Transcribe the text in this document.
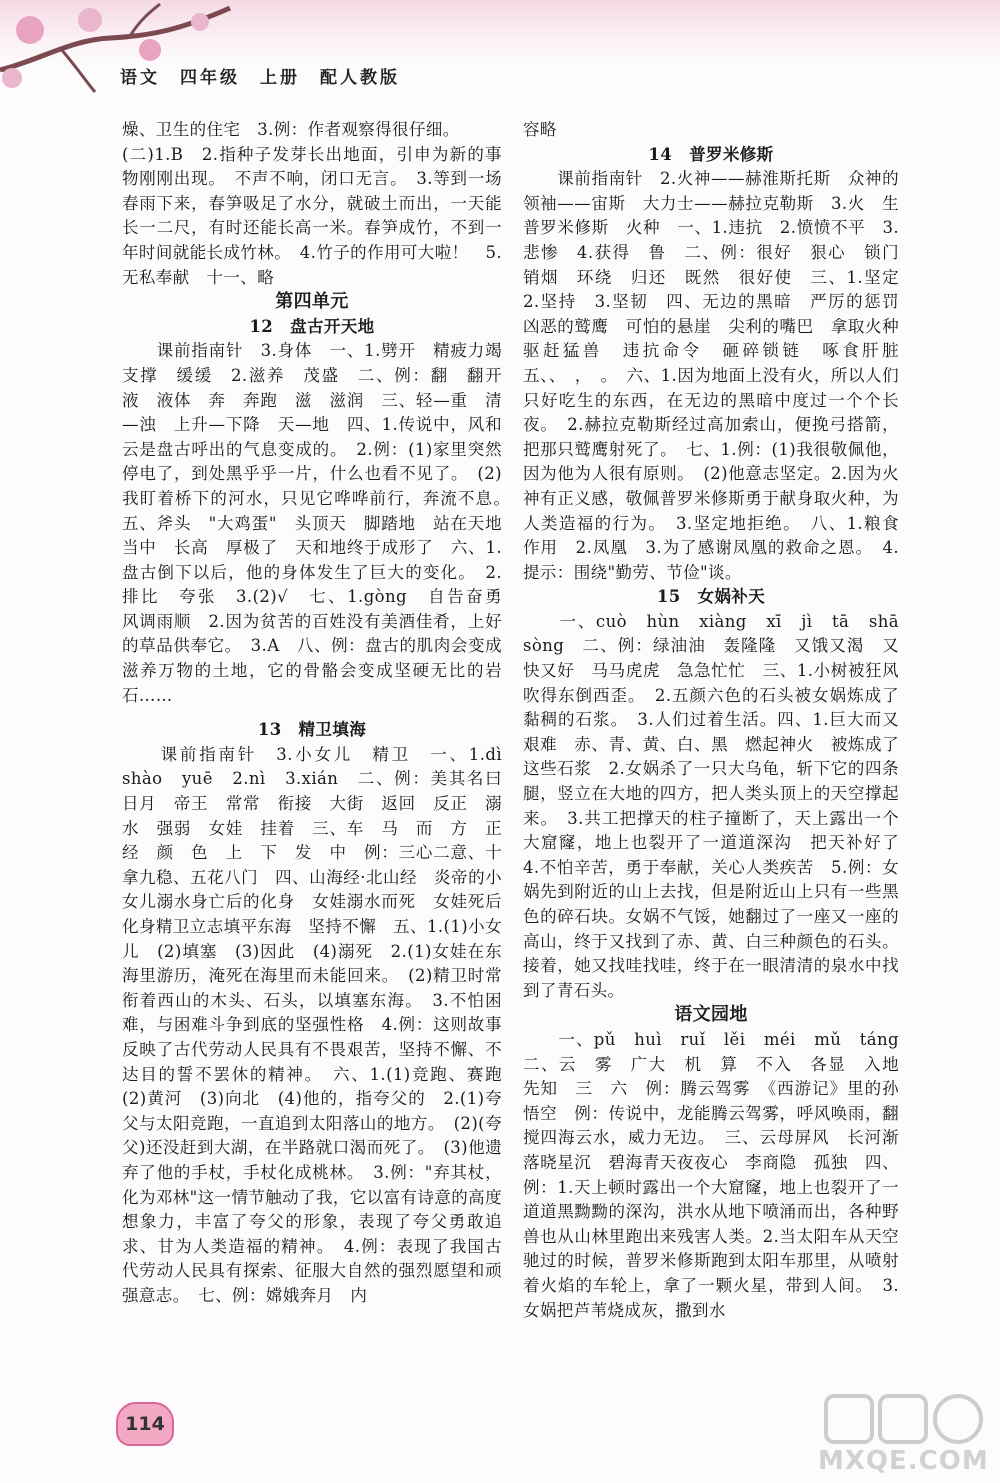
语文　四年级　上册　配人教版

燥、卫生的住宅　3.例：作者观察得很仔细。

(二)1.B　2.指种子发芽长出地面，引申为新的事物刚刚出现。　不声不响，闭口无言。　3.等到一场春雨下来，春笋吸足了水分，就破土而出，一天能长一二尺，有时还能长高一米。春笋成竹，不到一年时间就能长成竹林。　4.竹子的作用可大啦！　5.无私奉献　十一、略

第四单元

12　盘古开天地

　　课前指南针　3.身体　一、1.劈开　精疲力竭　支撑　缓缓　2.滋养　茂盛　二、例：翻　翻开　液　液体　奔　奔跑　滋　滋润　三、轻—重　清—浊　上升—下降　天—地　四、1.传说中，风和云是盘古呼出的气息变成的。　2.例：(1)家里突然停电了，到处黑乎乎一片，什么也看不见了。　(2)我盯着桥下的河水，只见它哗哗前行，奔流不息。　五、斧头　"大鸡蛋"　头顶天　脚踏地　站在天地当中　长高　厚极了　天和地终于成形了　六、1.盘古倒下以后，他的身体发生了巨大的变化。　2.排比　夸张　3.(2)√　七、1.gòng　自告奋勇　风调雨顺　2.因为贫苦的百姓没有美酒佳肴，上好的草品供奉它。　3.A　八、例：盘古的肌肉会变成滋养万物的土地，它的骨骼会变成坚硬无比的岩石……

13　精卫填海

　　课前指南针　3.小女儿　精卫　一、1.dì　shào　yuē　2.nì　3.xián　二、例：美其名曰　日月　帝王　常常　衔接　大街　返回　反正　溺水　强弱　女娃　挂着　三、车　马　而　方　正经　颜　色　上　下　发　中　例：三心二意、十拿九稳、五花八门　四、山海经·北山经　炎帝的小女儿溺水身亡后的化身　女娃溺水而死　女娃死后化身精卫立志填平东海　坚持不懈　五、1.(1)小女儿　(2)填塞　(3)因此　(4)溺死　2.(1)女娃在东海里游历，淹死在海里而未能回来。　(2)精卫时常衔着西山的木头、石头，以填塞东海。　3.不怕困难，与困难斗争到底的坚强性格　4.例：这则故事反映了古代劳动人民具有不畏艰苦，坚持不懈、不达目的誓不罢休的精神。　六、1.(1)竞跑、赛跑　(2)黄河　(3)向北　(4)他的，指夸父的　2.(1)夸父与太阳竞跑，一直追到太阳落山的地方。　(2)(夸父)还没赶到大湖，在半路就口渴而死了。　(3)他遗弃了他的手杖，手杖化成桃林。　3.例："弃其杖，化为邓林"这一情节触动了我，它以富有诗意的高度想象力，丰富了夸父的形象，表现了夸父勇敢追求、甘为人类造福的精神。　4.例：表现了我国古代劳动人民具有探索、征服大自然的强烈愿望和顽强意志。　七、例：嫦娥奔月　内

容略

14　普罗米修斯

　　课前指南针　2.火神——赫淮斯托斯　众神的领袖——宙斯　大力士——赫拉克勒斯　3.火　生　普罗米修斯　火种　一、1.违抗　2.愤愤不平　3.悲惨　4.获得　鲁　二、例：很好　狠心　锁门　销烟　环绕　归还　既然　很好使　三、1.坚定　2.坚持　3.坚韧　四、无边的黑暗　严厉的惩罚　凶恶的鹫鹰　可怕的悬崖　尖利的嘴巴　拿取火种　驱赶猛兽　违抗命令　砸碎锁链　啄食肝脏　五、、　，　。　六、1.因为地面上没有火，所以人们只好吃生的东西，在无边的黑暗中度过一个个长夜。　2.赫拉克勒斯经过高加索山，便挽弓搭箭，把那只鹫鹰射死了。　七、1.例：(1)我很敬佩他，因为他为人很有原则。　(2)他意志坚定。2.因为火神有正义感，敬佩普罗米修斯勇于献身取火种，为人类造福的行为。　3.坚定地拒绝。　八、1.粮食　作用　2.凤凰　3.为了感谢凤凰的救命之恩。　4.提示：围绕"勤劳、节俭"谈。

15　女娲补天

　　一、cuò　hùn　xiàng　xī　jì　tā　shā　sòng　二、例：绿油油　轰隆隆　又饿又渴　又快又好　马马虎虎　急急忙忙　三、1.小树被狂风吹得东倒西歪。　2.五颜六色的石头被女娲炼成了黏稠的石浆。　3.人们过着生活。四、1.巨大而又艰难　赤、青、黄、白、黑　燃起神火　被炼成了　这些石浆　2.女娲杀了一只大乌龟，斩下它的四条腿，竖立在大地的四方，把人类头顶上的天空撑起来。　3.共工把撑天的柱子撞断了，天上露出一个大窟窿，地上也裂开了一道道深沟　把天补好了　4.不怕辛苦，勇于奉献，关心人类疾苦　5.例：女娲先到附近的山上去找，但是附近山上只有一些黑色的碎石块。女娲不气馁，她翻过了一座又一座的高山，终于又找到了赤、黄、白三种颜色的石头。接着，她又找哇找哇，终于在一眼清清的泉水中找到了青石头。

语文园地

　　一、pǔ　huì　ruǐ　lěi　méi　mǔ　táng　二、云　雾　广大　机　算　不入　各显　入地　先知　三　六　例：腾云驾雾　《西游记》里的孙悟空　例：传说中，龙能腾云驾雾，呼风唤雨，翻搅四海云水，威力无边。　三、云母屏风　长河渐落晓星沉　碧海青天夜夜心　李商隐　孤独　四、例：1.天上顿时露出一个大窟窿，地上也裂开了一道道黑黝黝的深沟，洪水从地下喷涌而出，各种野兽也从山林里跑出来残害人类。2.当太阳车从天空驰过的时候，普罗米修斯跑到太阳车那里，从喷射着火焰的车轮上，拿了一颗火星，带到人间。　3.女娲把芦苇烧成灰，撒到水

114
MXQE.COM
